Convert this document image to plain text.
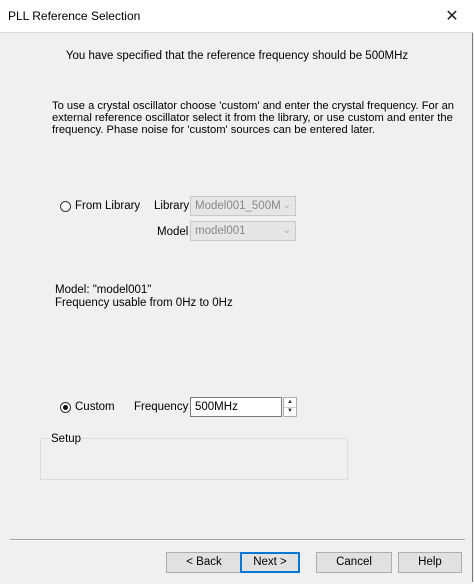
PLL Reference Selection	✕
You have specified that the reference frequency should be 500MHz
To use a crystal oscillator choose 'custom' and enter the crystal frequency. For an
external reference oscillator select it from the library, or use custom and enter the
frequency. Phase noise for 'custom' sources can be entered later.
From Library Library Model001_500M ⌄
Model model001	⌄
Model: "model001"
Frequency usable from 0Hz to 0Hz
Custom Frequency 500MHz	▲
▼
Setup
< Back	Next >	Cancel	Help
